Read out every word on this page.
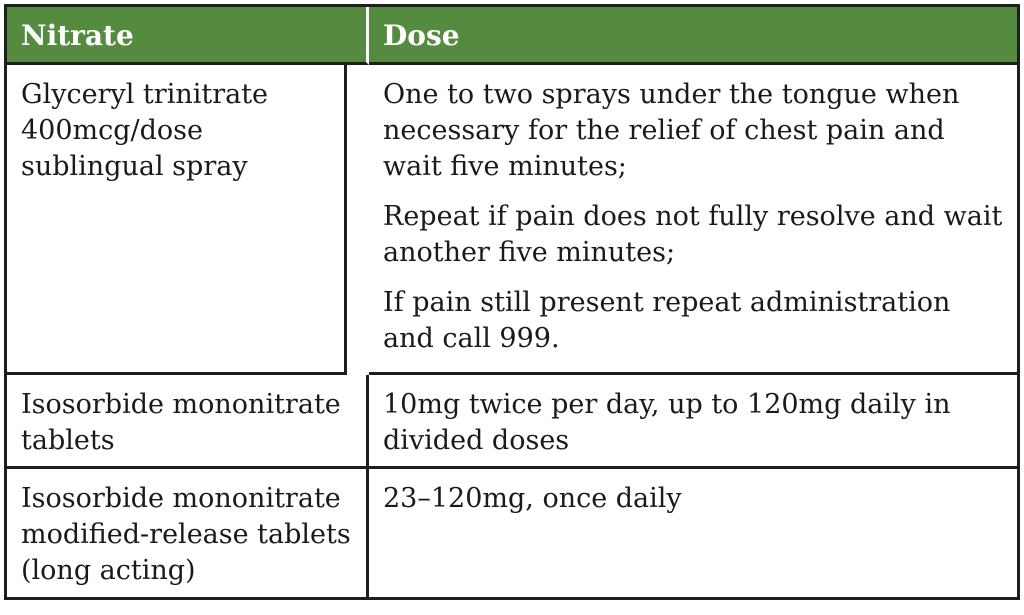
Nitrate	Dose
Glyceryl trinitrate 400mcg/dose sublingual spray

One to two sprays under the tongue when necessary for the relief of chest pain and wait five minutes;

Repeat if pain does not fully resolve and wait another five minutes;

If pain still present repeat administration and call 999.

Isosorbide mononitrate tablets

10mg twice per day, up to 120mg daily in divided doses

Isosorbide mononitrate modified-release tablets (long acting)

23–120mg, once daily
